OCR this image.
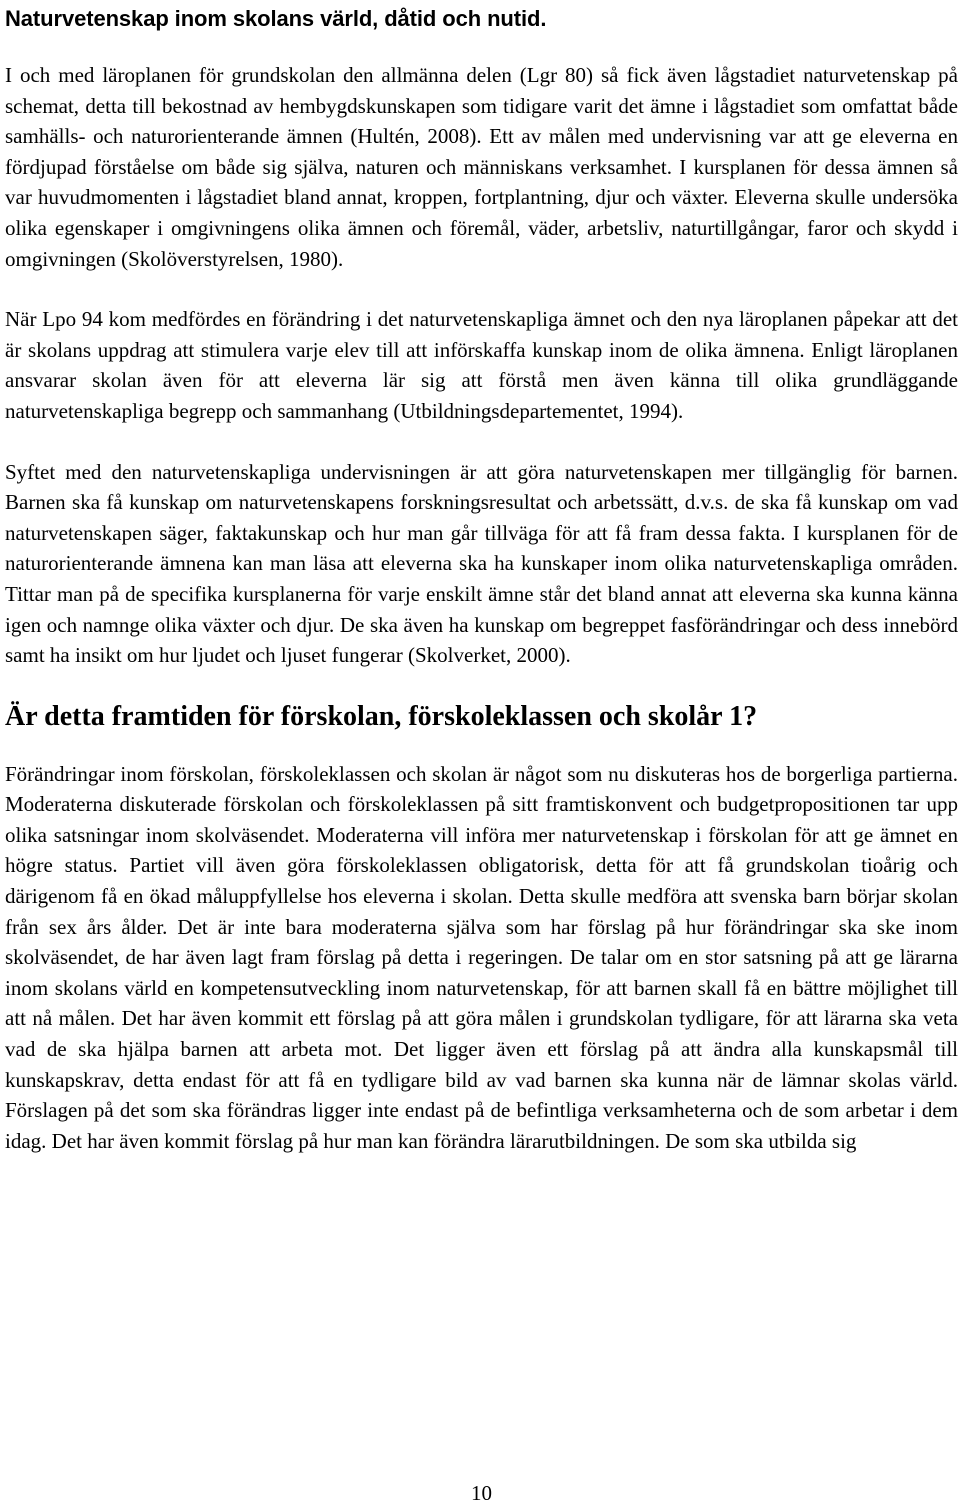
Naturvetenskap inom skolans värld, dåtid och nutid.

I och med läroplanen för grundskolan den allmänna delen (Lgr 80) så fick även lågstadiet naturvetenskap på schemat, detta till bekostnad av hembygdskunskapen som tidigare varit det ämne i lågstadiet som omfattat både samhälls- och naturorienterande ämnen (Hultén, 2008). Ett av målen med undervisning var att ge eleverna en fördjupad förståelse om både sig själva, naturen och människans verksamhet. I kursplanen för dessa ämnen så var huvudmomenten i lågstadiet bland annat, kroppen, fortplantning, djur och växter. Eleverna skulle undersöka olika egenskaper i omgivningens olika ämnen och föremål, väder, arbetsliv, naturtillgångar, faror och skydd i omgivningen (Skolöverstyrelsen, 1980).

När Lpo 94 kom medfördes en förändring i det naturvetenskapliga ämnet och den nya läroplanen påpekar att det är skolans uppdrag att stimulera varje elev till att införskaffa kunskap inom de olika ämnena. Enligt läroplanen ansvarar skolan även för att eleverna lär sig att förstå men även känna till olika grundläggande naturvetenskapliga begrepp och sammanhang (Utbildningsdepartementet, 1994).

Syftet med den naturvetenskapliga undervisningen är att göra naturvetenskapen mer tillgänglig för barnen. Barnen ska få kunskap om naturvetenskapens forskningsresultat och arbetssätt, d.v.s. de ska få kunskap om vad naturvetenskapen säger, faktakunskap och hur man går tillväga för att få fram dessa fakta. I kursplanen för de naturorienterande ämnena kan man läsa att eleverna ska ha kunskaper inom olika naturvetenskapliga områden. Tittar man på de specifika kursplanerna för varje enskilt ämne står det bland annat att eleverna ska kunna känna igen och namnge olika växter och djur. De ska även ha kunskap om begreppet fasförändringar och dess innebörd samt ha insikt om hur ljudet och ljuset fungerar (Skolverket, 2000).

Är detta framtiden för förskolan, förskoleklassen och skolår 1?

Förändringar inom förskolan, förskoleklassen och skolan är något som nu diskuteras hos de borgerliga partierna. Moderaterna diskuterade förskolan och förskoleklassen på sitt framtiskonvent och budgetpropositionen tar upp olika satsningar inom skolväsendet. Moderaterna vill införa mer naturvetenskap i förskolan för att ge ämnet en högre status. Partiet vill även göra förskoleklassen obligatorisk, detta för att få grundskolan tioårig och därigenom få en ökad måluppfyllelse hos eleverna i skolan. Detta skulle medföra att svenska barn börjar skolan från sex års ålder. Det är inte bara moderaterna själva som har förslag på hur förändringar ska ske inom skolväsendet, de har även lagt fram förslag på detta i regeringen. De talar om en stor satsning på att ge lärarna inom skolans värld en kompetensutveckling inom naturvetenskap, för att barnen skall få en bättre möjlighet till att nå målen. Det har även kommit ett förslag på att göra målen i grundskolan tydligare, för att lärarna ska veta vad de ska hjälpa barnen att arbeta mot. Det ligger även ett förslag på att ändra alla kunskapsmål till kunskapskrav, detta endast för att få en tydligare bild av vad barnen ska kunna när de lämnar skolas värld. Förslagen på det som ska förändras ligger inte endast på de befintliga verksamheterna och de som arbetar i dem idag. Det har även kommit förslag på hur man kan förändra lärarutbildningen. De som ska utbilda sig

10
